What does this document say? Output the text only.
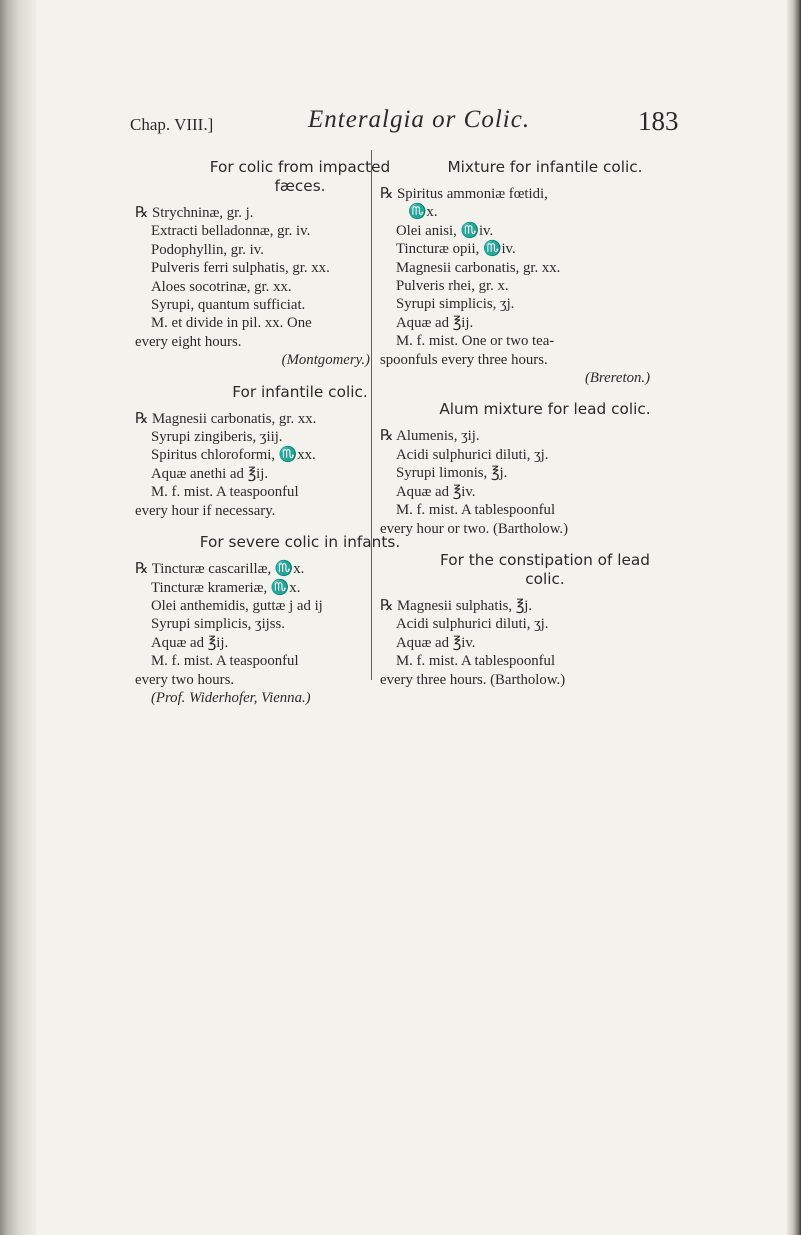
Chap. VIII.]	Enteralgia or Colic.	183

For colic from impacted
fæces.

℞ Strychninæ, gr. j.
Extracti belladonnæ, gr. iv.
Podophyllin, gr. iv.
Pulveris ferri sulphatis, gr. xx.
Aloes socotrinæ, gr. xx.
Syrupi, quantum sufficiat.
M. et divide in pil. xx. One
every eight hours.
(Montgomery.)

For infantile colic.

℞ Magnesii carbonatis, gr. xx.
Syrupi zingiberis, ʒiij.
Spiritus chloroformi, ♏xx.
Aquæ anethi ad ℥ij.
M. f. mist. A teaspoonful
every hour if necessary.

For severe colic in infants.

℞ Tincturæ cascarillæ, ♏x.
Tincturæ krameriæ, ♏x.
Olei anthemidis, guttæ j ad ij
Syrupi simplicis, ʒijss.
Aquæ ad ℥ij.
M. f. mist. A teaspoonful
every two hours.
(Prof. Widerhofer, Vienna.)

Mixture for infantile colic.

℞ Spiritus ammoniæ fœtidi,
♏x.
Olei anisi, ♏iv.
Tincturæ opii, ♏iv.
Magnesii carbonatis, gr. xx.
Pulveris rhei, gr. x.
Syrupi simplicis, ʒj.
Aquæ ad ℥ij.
M. f. mist. One or two tea-
spoonfuls every three hours.
(Brereton.)

Alum mixture for lead colic.

℞ Alumenis, ʒij.
Acidi sulphurici diluti, ʒj.
Syrupi limonis, ℥j.
Aquæ ad ℥iv.
M. f. mist. A tablespoonful
every hour or two. (Bartholow.)

For the constipation of lead
colic.

℞ Magnesii sulphatis, ℥j.
Acidi sulphurici diluti, ʒj.
Aquæ ad ℥iv.
M. f. mist. A tablespoonful
every three hours. (Bartholow.)
